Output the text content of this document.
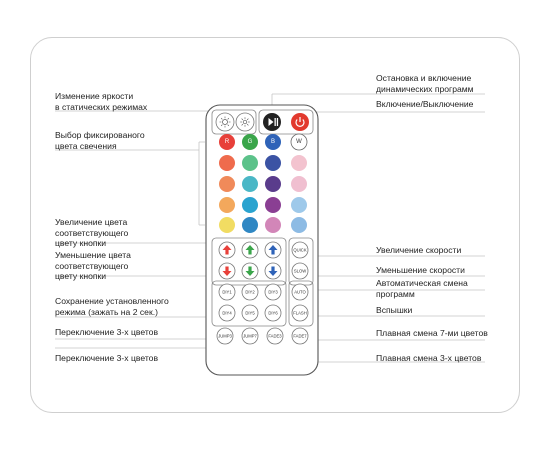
R	G	B	W
QUICK
SLOW
DIY1	DIY2	DIY3
DIY4	DIY5	DIY6
AUTO
FLASH
JUMP3	JUMP7	FADE3	FADE7
Изменение яркости
в статических режимах
Выбор фиксированого
цвета свечения
Увеличение цвета
соответствующего
цвету кнопки
Уменьшение цвета
соответствующего
цвету кнопки
Сохранение установленного
режима (зажать на 2 сек.)
Переключение 3-х цветов
Переключение 3-х цветов
Остановка и включение
динамических программ
Включение/Выключение
Увеличение скорости
Уменьшение скорости
Автоматическая смена
программ
Вспышки
Плавная смена 7-ми цветов
Плавная смена 3-х цветов
